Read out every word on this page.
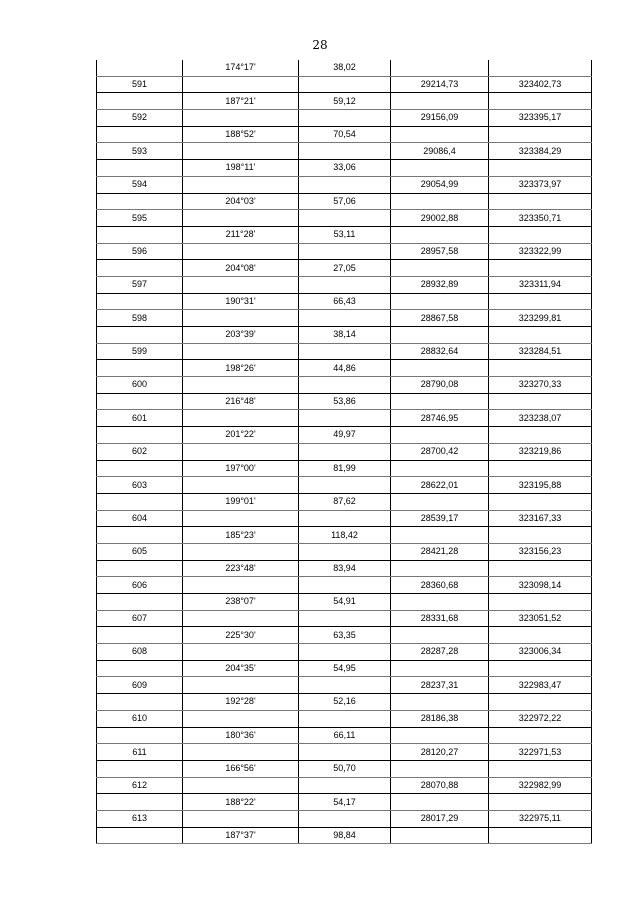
28
	174°17'	38,02		
591			29214,73	323402,73
	187°21'	59,12		
592			29156,09	323395,17
	188°52'	70,54		
593			29086,4	323384,29
	198°11'	33,06		
594			29054,99	323373,97
	204°03'	57,06		
595			29002,88	323350,71
	211°28'	53,11		
596			28957,58	323322,99
	204°08'	27,05		
597			28932,89	323311,94
	190°31'	66,43		
598			28867,58	323299,81
	203°39'	38,14		
599			28832,64	323284,51
	198°26'	44,86		
600			28790,08	323270,33
	216°48'	53,86		
601			28746,95	323238,07
	201°22'	49,97		
602			28700,42	323219,86
	197°00'	81,99		
603			28622,01	323195,88
	199°01'	87,62		
604			28539,17	323167,33
	185°23'	118,42		
605			28421,28	323156,23
	223°48'	83,94		
606			28360,68	323098,14
	238°07'	54,91		
607			28331,68	323051,52
	225°30'	63,35		
608			28287,28	323006,34
	204°35'	54,95		
609			28237,31	322983,47
	192°28'	52,16		
610			28186,38	322972,22
	180°36'	66,11		
611			28120,27	322971,53
	166°56'	50,70		
612			28070,88	322982,99
	188°22'	54,17		
613			28017,29	322975,11
	187°37'	98,84		
